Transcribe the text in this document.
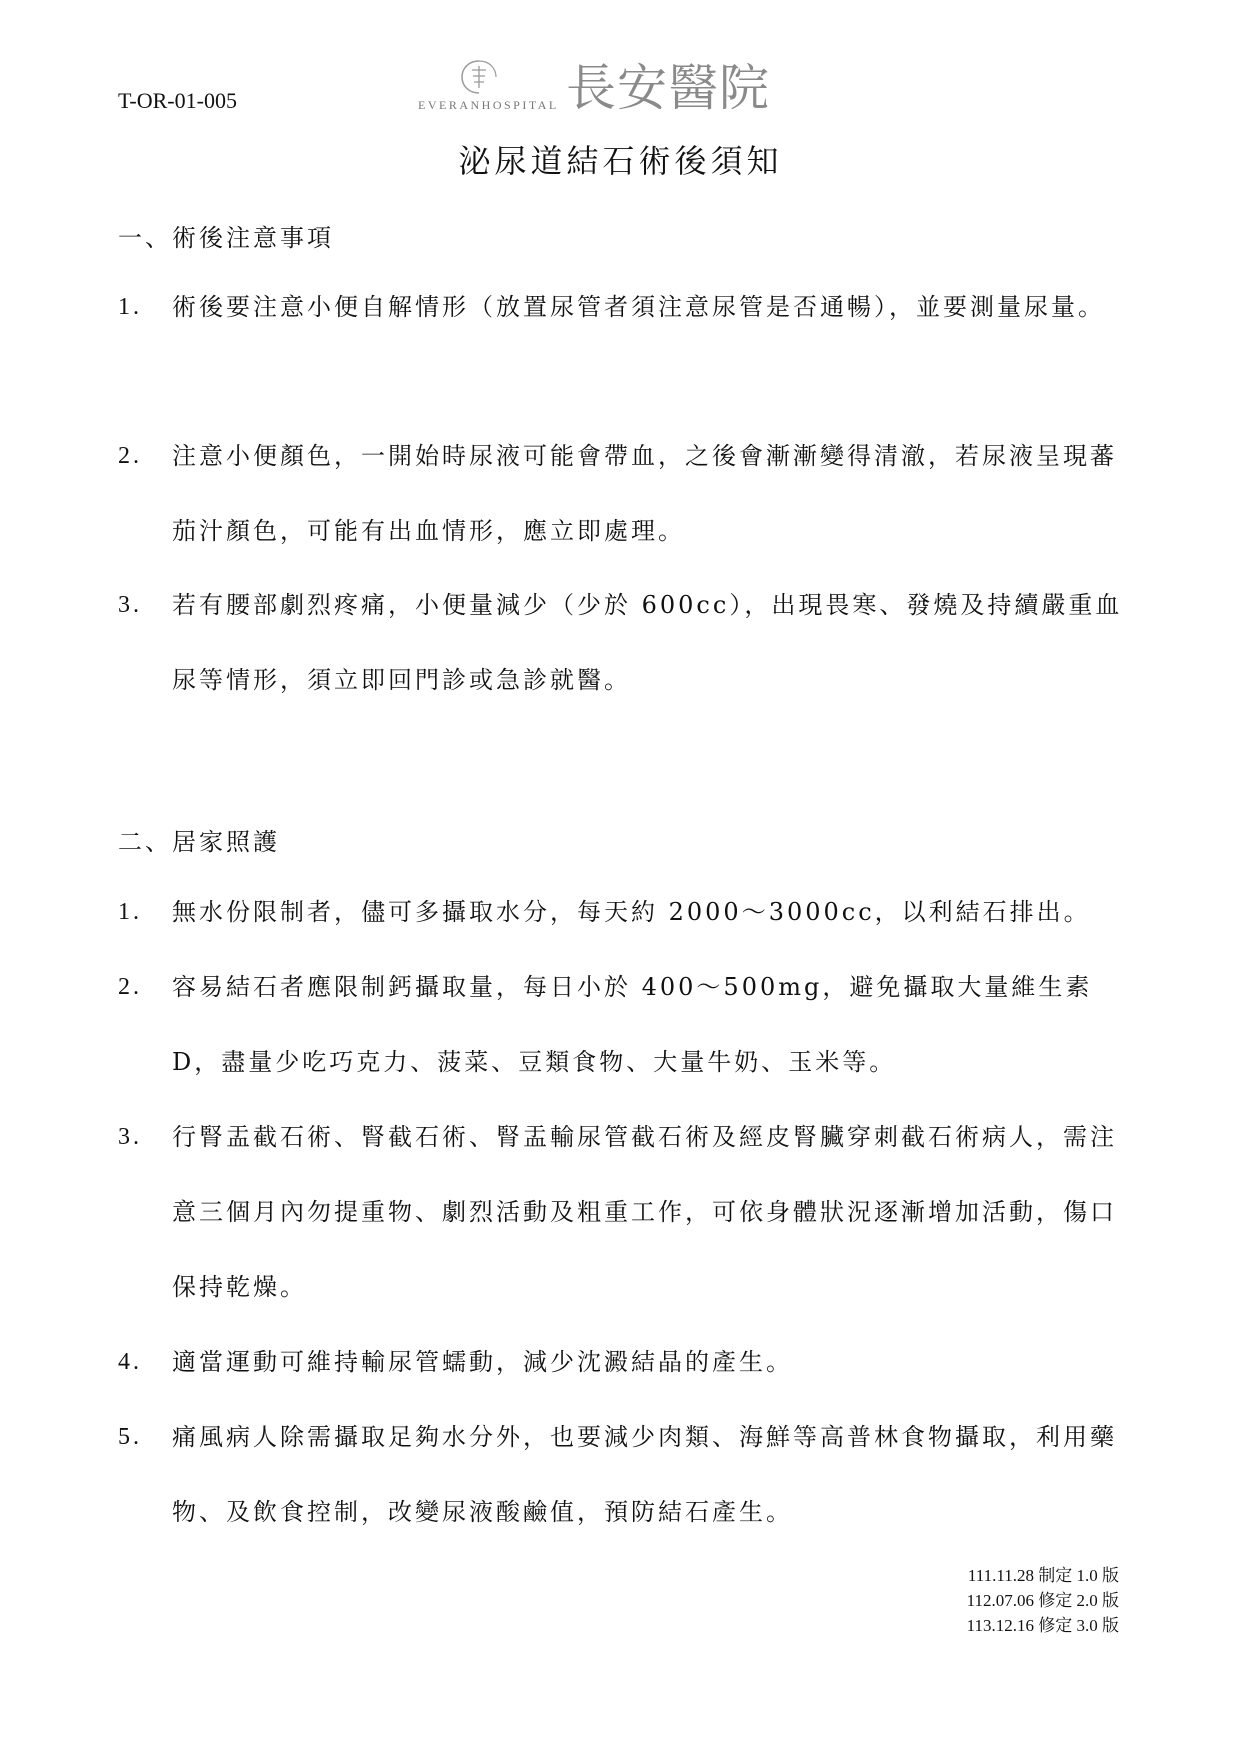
T-OR-01-005	EVERANHOSPITAL 長安醫院
泌尿道結石術後須知
一、術後注意事項
1. 術後要注意小便自解情形（放置尿管者須注意尿管是否通暢），並要測量尿量。
2. 注意小便顏色，一開始時尿液可能會帶血，之後會漸漸變得清澈，若尿液呈現蕃茄汁顏色，可能有出血情形，應立即處理。
3. 若有腰部劇烈疼痛，小便量減少（少於 600cc），出現畏寒、發燒及持續嚴重血尿等情形，須立即回門診或急診就醫。
二、居家照護
1. 無水份限制者，儘可多攝取水分，每天約 2000～3000cc，以利結石排出。
2. 容易結石者應限制鈣攝取量，每日小於 400～500mg，避免攝取大量維生素D，盡量少吃巧克力、菠菜、豆類食物、大量牛奶、玉米等。
3. 行腎盂截石術、腎截石術、腎盂輸尿管截石術及經皮腎臟穿刺截石術病人，需注意三個月內勿提重物、劇烈活動及粗重工作，可依身體狀況逐漸增加活動，傷口保持乾燥。
4. 適當運動可維持輸尿管蠕動，減少沈澱結晶的產生。
5. 痛風病人除需攝取足夠水分外，也要減少肉類、海鮮等高普林食物攝取，利用藥物、及飲食控制，改變尿液酸鹼值，預防結石產生。
111.11.28 制定 1.0 版
112.07.06 修定 2.0 版
113.12.16 修定 3.0 版
